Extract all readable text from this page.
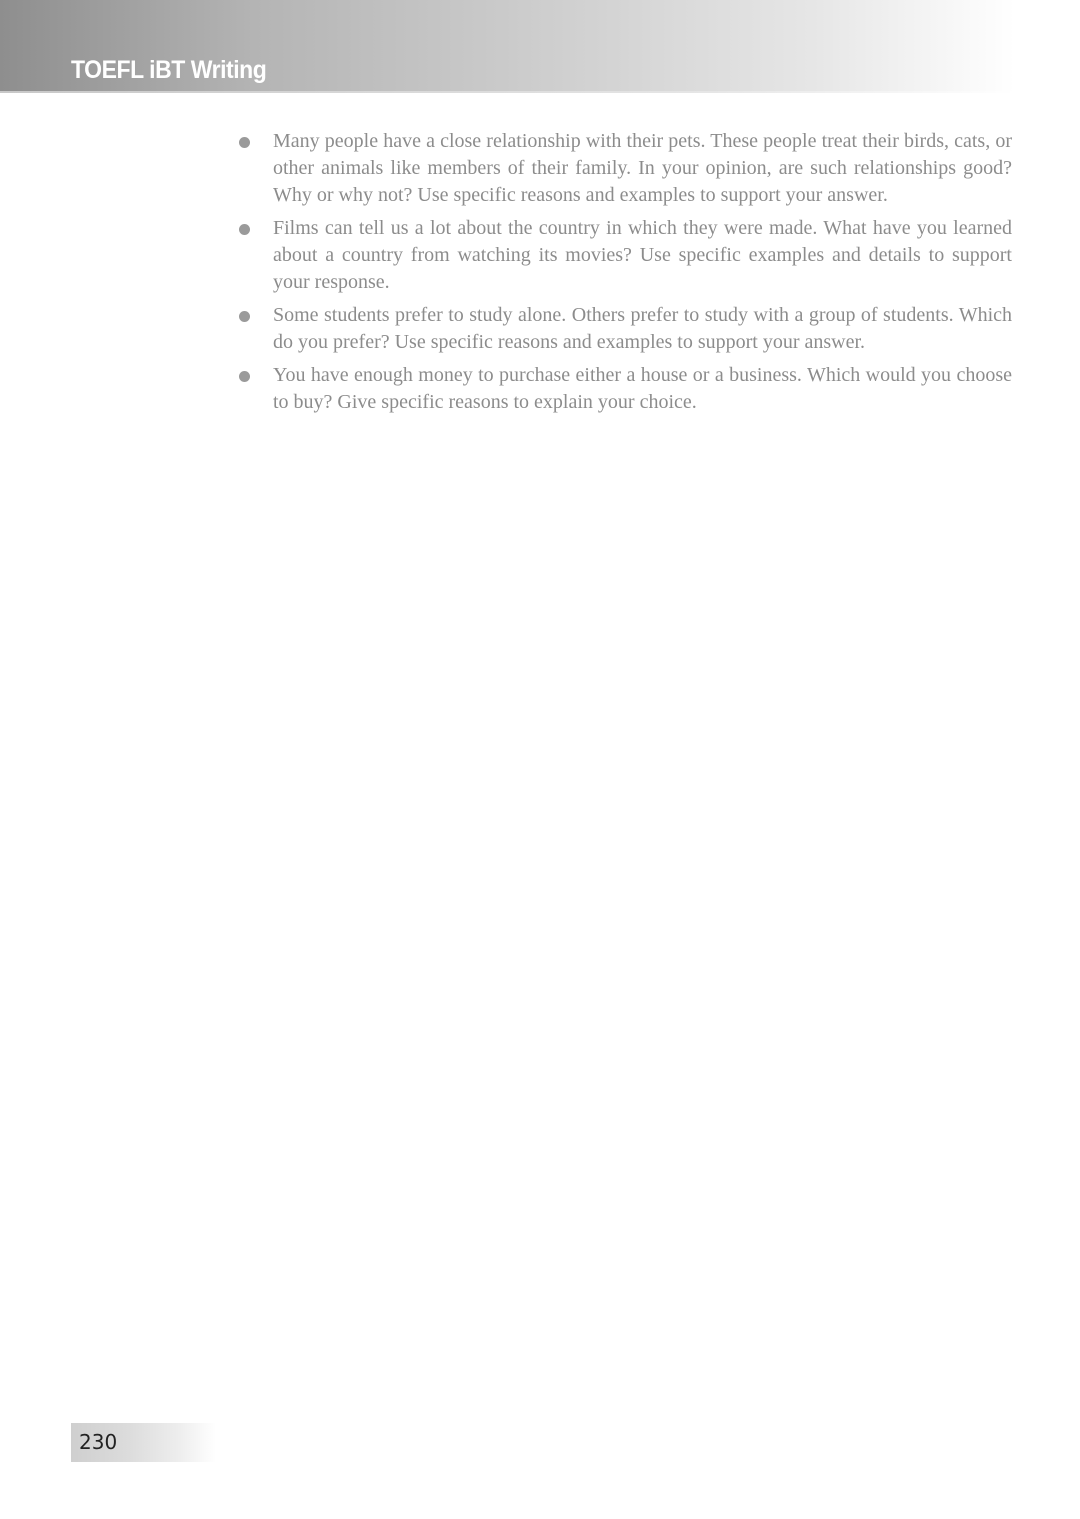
TOEFL iBT Writing
Many people have a close relationship with their pets. These people treat their birds, cats, or other animals like members of their family. In your opinion, are such relationships good? Why or why not? Use specific reasons and examples to support your answer.
Films can tell us a lot about the country in which they were made. What have you learned about a country from watching its movies? Use specific examples and details to support your response.
Some students prefer to study alone. Others prefer to study with a group of students. Which do you prefer? Use specific reasons and examples to support your answer.
You have enough money to purchase either a house or a business. Which would you choose to buy? Give specific reasons to explain your choice.
230
